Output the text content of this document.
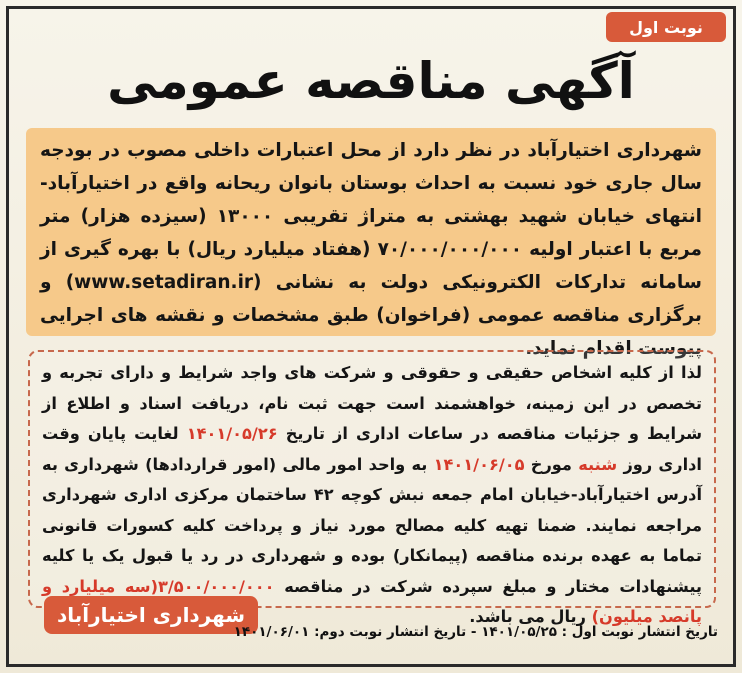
نوبت اول
آگهی مناقصه عمومی
شهرداری اختیارآباد در نظر دارد از محل اعتبارات داخلی مصوب در بودجه سال جاری خود نسبت به احداث بوستان بانوان ریحانه واقع در اختیارآباد-انتهای خیابان شهید بهشتی به متراژ تقریبی ۱۳۰۰۰ (سیزده هزار) متر مربع با اعتبار اولیه ۷۰/۰۰۰/۰۰۰/۰۰۰ (هفتاد میلیارد ریال) با بهره گیری از سامانه تدارکات الکترونیکی دولت به نشانی (www.setadiran.ir) و برگزاری مناقصه عمومی (فراخوان) طبق مشخصات و نقشه های اجرایی پیوست اقدام نماید.
لذا از کلیه اشخاص حقیقی و حقوقی و شرکت های واجد شرایط و دارای تجربه و تخصص در این زمینه، خواهشمند است جهت ثبت نام، دریافت اسناد و اطلاع از شرایط و جزئیات مناقصه در ساعات اداری از تاریخ ۱۴۰۱/۰۵/۲۶ لغایت پایان وقت اداری روز شنبه مورخ ۱۴۰۱/۰۶/۰۵ به واحد امور مالی (امور قراردادها) شهرداری به آدرس اختیارآباد-خیابان امام جمعه نبش کوچه ۴۲ ساختمان مرکزی اداری شهرداری مراجعه نمایند. ضمنا تهیه کلیه مصالح مورد نیاز و پرداخت کلیه کسورات قانونی تماما به عهده برنده مناقصه (پیمانکار) بوده و شهرداری در رد یا قبول یک یا کلیه پیشنهادات مختار و مبلغ سپرده شرکت در مناقصه ۳/۵۰۰/۰۰۰/۰۰۰(سه میلیارد و پانصد میلیون) ریال می باشد.
شهرداری اختیارآباد
تاریخ انتشار نوبت اول : ۱۴۰۱/۰۵/۲۵ - تاریخ انتشار نوبت دوم: ۱۴۰۱/۰۶/۰۱
